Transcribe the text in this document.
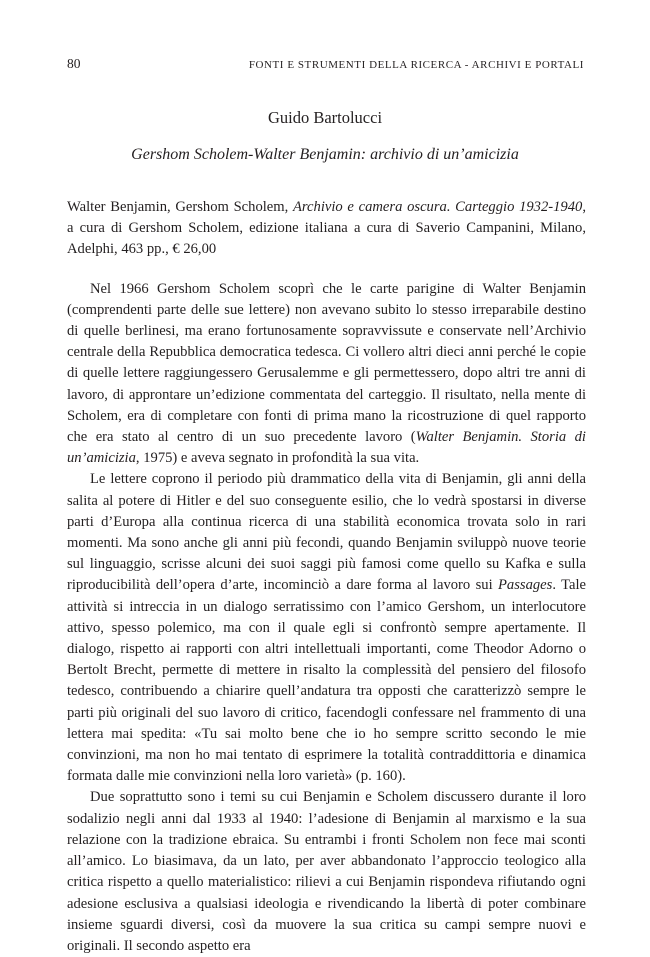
80	FONTI E STRUMENTI DELLA RICERCA - ARCHIVI E PORTALI
Guido Bartolucci
Gershom Scholem-Walter Benjamin: archivio di un’amicizia

Walter Benjamin, Gershom Scholem, Archivio e camera oscura. Carteggio 1932-1940, a cura di Gershom Scholem, edizione italiana a cura di Saverio Campanini, Milano, Adelphi, 463 pp., € 26,00

Nel 1966 Gershom Scholem scoprì che le carte parigine di Walter Benjamin (comprendenti parte delle sue lettere) non avevano subito lo stesso irreparabile destino di quelle berlinesi, ma erano fortunosamente sopravvissute e conservate nell’Archivio centrale della Repubblica democratica tedesca. Ci vollero altri dieci anni perché le copie di quelle lettere raggiungessero Gerusalemme e gli permettessero, dopo altri tre anni di lavoro, di approntare un’edizione commentata del carteggio. Il risultato, nella mente di Scholem, era di completare con fonti di prima mano la ricostruzione di quel rapporto che era stato al centro di un suo precedente lavoro (Walter Benjamin. Storia di un’amicizia, 1975) e aveva segnato in profondità la sua vita.

Le lettere coprono il periodo più drammatico della vita di Benjamin, gli anni della salita al potere di Hitler e del suo conseguente esilio, che lo vedrà spostarsi in diverse parti d’Europa alla continua ricerca di una stabilità economica trovata solo in rari momenti. Ma sono anche gli anni più fecondi, quando Benjamin sviluppò nuove teorie sul linguaggio, scrisse alcuni dei suoi saggi più famosi come quello su Kafka e sulla riproducibilità dell’opera d’arte, incominciò a dare forma al lavoro sui Passages. Tale attività si intreccia in un dialogo serratissimo con l’amico Gershom, un interlocutore attivo, spesso polemico, ma con il quale egli si confrontò sempre apertamente. Il dialogo, rispetto ai rapporti con altri intellettuali importanti, come Theodor Adorno o Bertolt Brecht, permette di mettere in risalto la complessità del pensiero del filosofo tedesco, contribuendo a chiarire quell’andatura tra opposti che caratterizzò sempre le parti più originali del suo lavoro di critico, facendogli confessare nel frammento di una lettera mai spedita: «Tu sai molto bene che io ho sempre scritto secondo le mie convinzioni, ma non ho mai tentato di esprimere la totalità contraddittoria e dinamica formata dalle mie convinzioni nella loro varietà» (p. 160).

Due soprattutto sono i temi su cui Benjamin e Scholem discussero durante il loro sodalizio negli anni dal 1933 al 1940: l’adesione di Benjamin al marxismo e la sua relazione con la tradizione ebraica. Su entrambi i fronti Scholem non fece mai sconti all’amico. Lo biasimava, da un lato, per aver abbandonato l’approccio teologico alla critica rispetto a quello materialistico: rilievi a cui Benjamin rispondeva rifiutando ogni adesione esclusiva a qualsiasi ideologia e rivendicando la libertà di poter combinare insieme sguardi diversi, così da muovere la sua critica su campi sempre nuovi e originali. Il secondo aspetto era
